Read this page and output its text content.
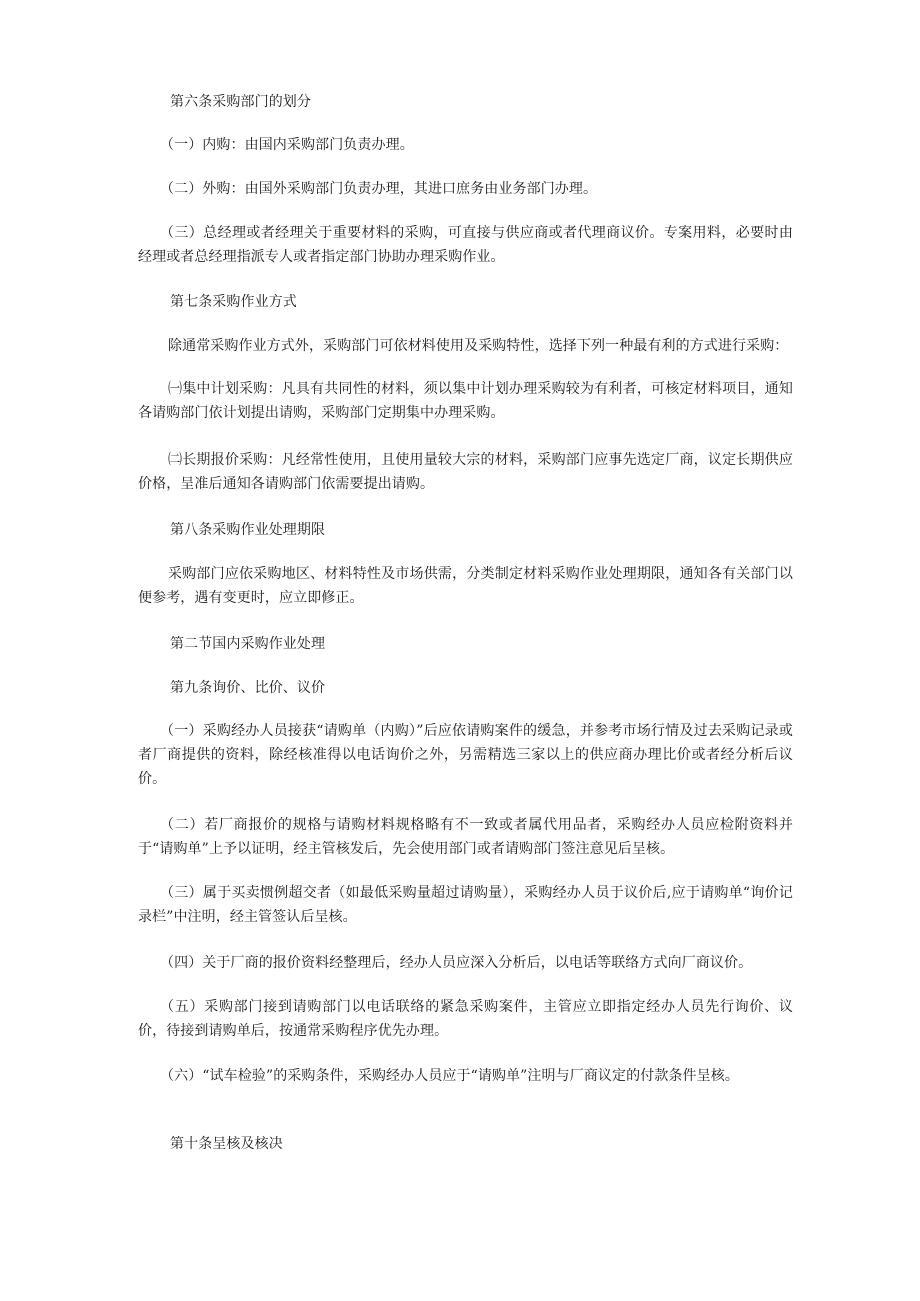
第六条采购部门的划分

（一）内购：由国内采购部门负责办理。

（二）外购：由国外采购部门负责办理，其进口庶务由业务部门办理。

（三）总经理或者经理关于重要材料的采购，可直接与供应商或者代理商议价。专案用料，必要时由经理或者总经理指派专人或者指定部门协助办理采购作业。

第七条采购作业方式

除通常采购作业方式外，采购部门可依材料使用及采购特性，选择下列一种最有利的方式进行采购：

㈠集中计划采购：凡具有共同性的材料，须以集中计划办理采购较为有利者，可核定材料项目，通知各请购部门依计划提出请购，采购部门定期集中办理采购。

㈡长期报价采购：凡经常性使用，且使用量较大宗的材料，采购部门应事先选定厂商，议定长期供应价格，呈准后通知各请购部门依需要提出请购。

第八条采购作业处理期限

采购部门应依采购地区、材料特性及市场供需，分类制定材料采购作业处理期限，通知各有关部门以便参考，遇有变更时，应立即修正。

第二节国内采购作业处理

第九条询价、比价、议价

（一）采购经办人员接获“请购单（内购）”后应依请购案件的缓急，并参考市场行情及过去采购记录或者厂商提供的资料，除经核准得以电话询价之外，另需精选三家以上的供应商办理比价或者经分析后议价。

（二）若厂商报价的规格与请购材料规格略有不一致或者属代用品者，采购经办人员应检附资料并于“请购单”上予以证明，经主管核发后，先会使用部门或者请购部门签注意见后呈核。

（三）属于买卖惯例超交者（如最低采购量超过请购量），采购经办人员于议价后,应于请购单“询价记录栏”中注明，经主管签认后呈核。

（四）关于厂商的报价资料经整理后，经办人员应深入分析后，以电话等联络方式向厂商议价。

（五）采购部门接到请购部门以电话联络的紧急采购案件，主管应立即指定经办人员先行询价、议价，待接到请购单后，按通常采购程序优先办理。

（六）“试车检验”的采购条件，采购经办人员应于“请购单”注明与厂商议定的付款条件呈核。

第十条呈核及核决
